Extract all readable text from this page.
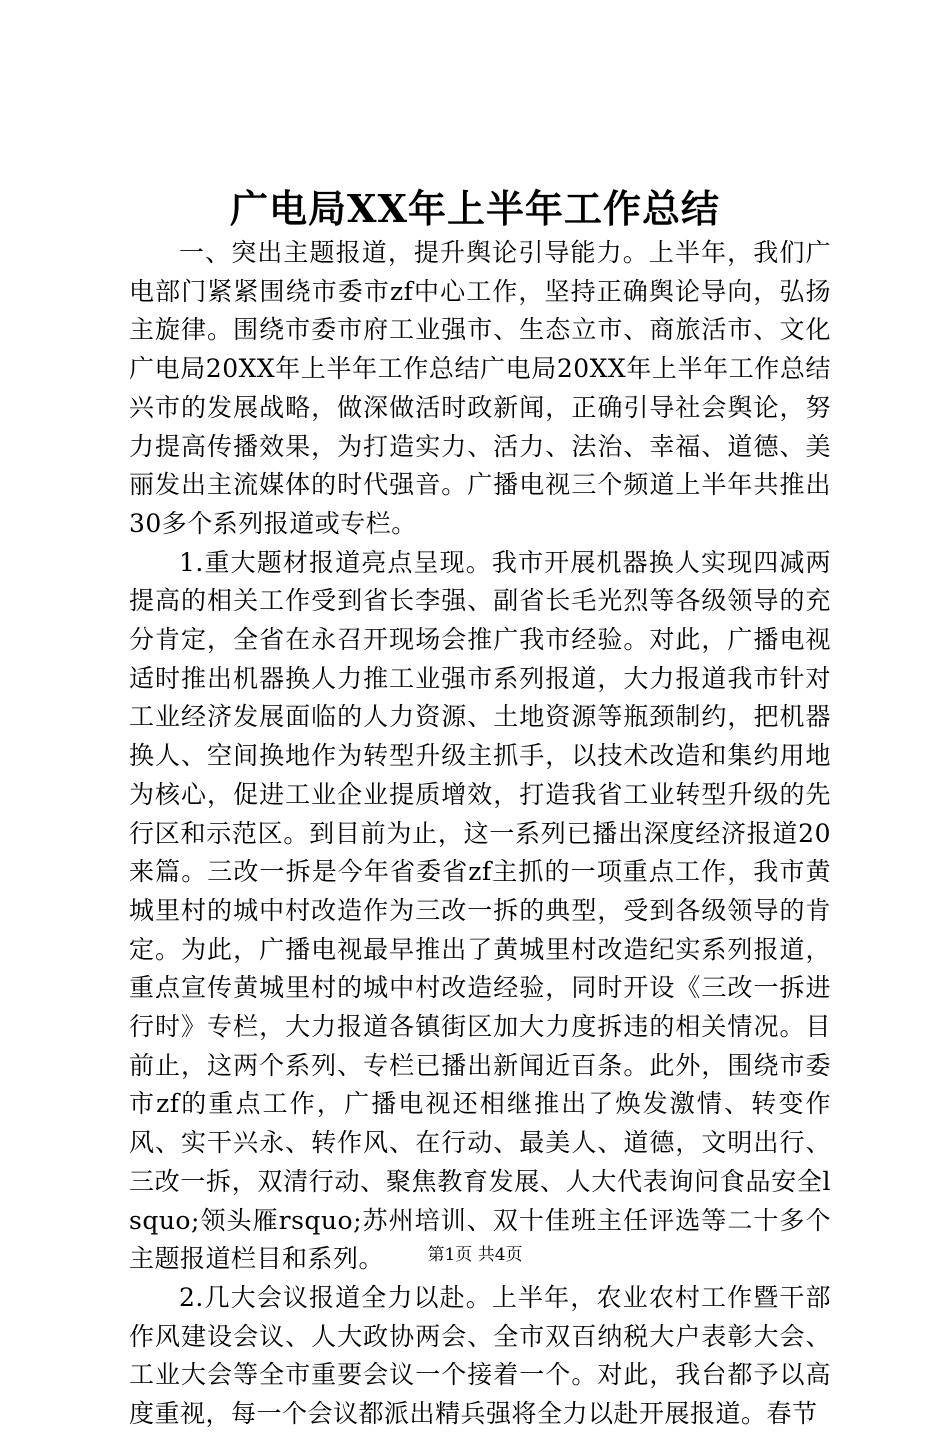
广电局XX年上半年工作总结

一、突出主题报道，提升舆论引导能力。上半年，我们广电部门紧紧围绕市委市zf中心工作，坚持正确舆论导向，弘扬主旋律。围绕市委市府工业强市、生态立市、商旅活市、文化广电局20XX年上半年工作总结广电局20XX年上半年工作总结兴市的发展战略，做深做活时政新闻，正确引导社会舆论，努力提高传播效果，为打造实力、活力、法治、幸福、道德、美丽发出主流媒体的时代强音。广播电视三个频道上半年共推出30多个系列报道或专栏。

1.重大题材报道亮点呈现。我市开展机器换人实现四减两提高的相关工作受到省长李强、副省长毛光烈等各级领导的充分肯定，全省在永召开现场会推广我市经验。对此，广播电视适时推出机器换人力推工业强市系列报道，大力报道我市针对工业经济发展面临的人力资源、土地资源等瓶颈制约，把机器换人、空间换地作为转型升级主抓手，以技术改造和集约用地为核心，促进工业企业提质增效，打造我省工业转型升级的先行区和示范区。到目前为止，这一系列已播出深度经济报道20来篇。三改一拆是今年省委省zf主抓的一项重点工作，我市黄城里村的城中村改造作为三改一拆的典型，受到各级领导的肯定。为此，广播电视最早推出了黄城里村改造纪实系列报道，重点宣传黄城里村的城中村改造经验，同时开设《三改一拆进行时》专栏，大力报道各镇街区加大力度拆违的相关情况。目前止，这两个系列、专栏已播出新闻近百条。此外，围绕市委市zf的重点工作，广播电视还相继推出了焕发激情、转变作风、实干兴永、转作风、在行动、最美人、道德，文明出行、三改一拆，双清行动、聚焦教育发展、人大代表询问食品安全lsquo;领头雁rsquo;苏州培训、双十佳班主任评选等二十多个主题报道栏目和系列。

2.几大会议报道全力以赴。上半年，农业农村工作暨干部作风建设会议、人大政协两会、全市双百纳税大户表彰大会、工业大会等全市重要会议一个接着一个。对此，我台都予以高度重视，每一个会议都派出精兵强将全力以赴开展报道。春节

第1页 共4页
